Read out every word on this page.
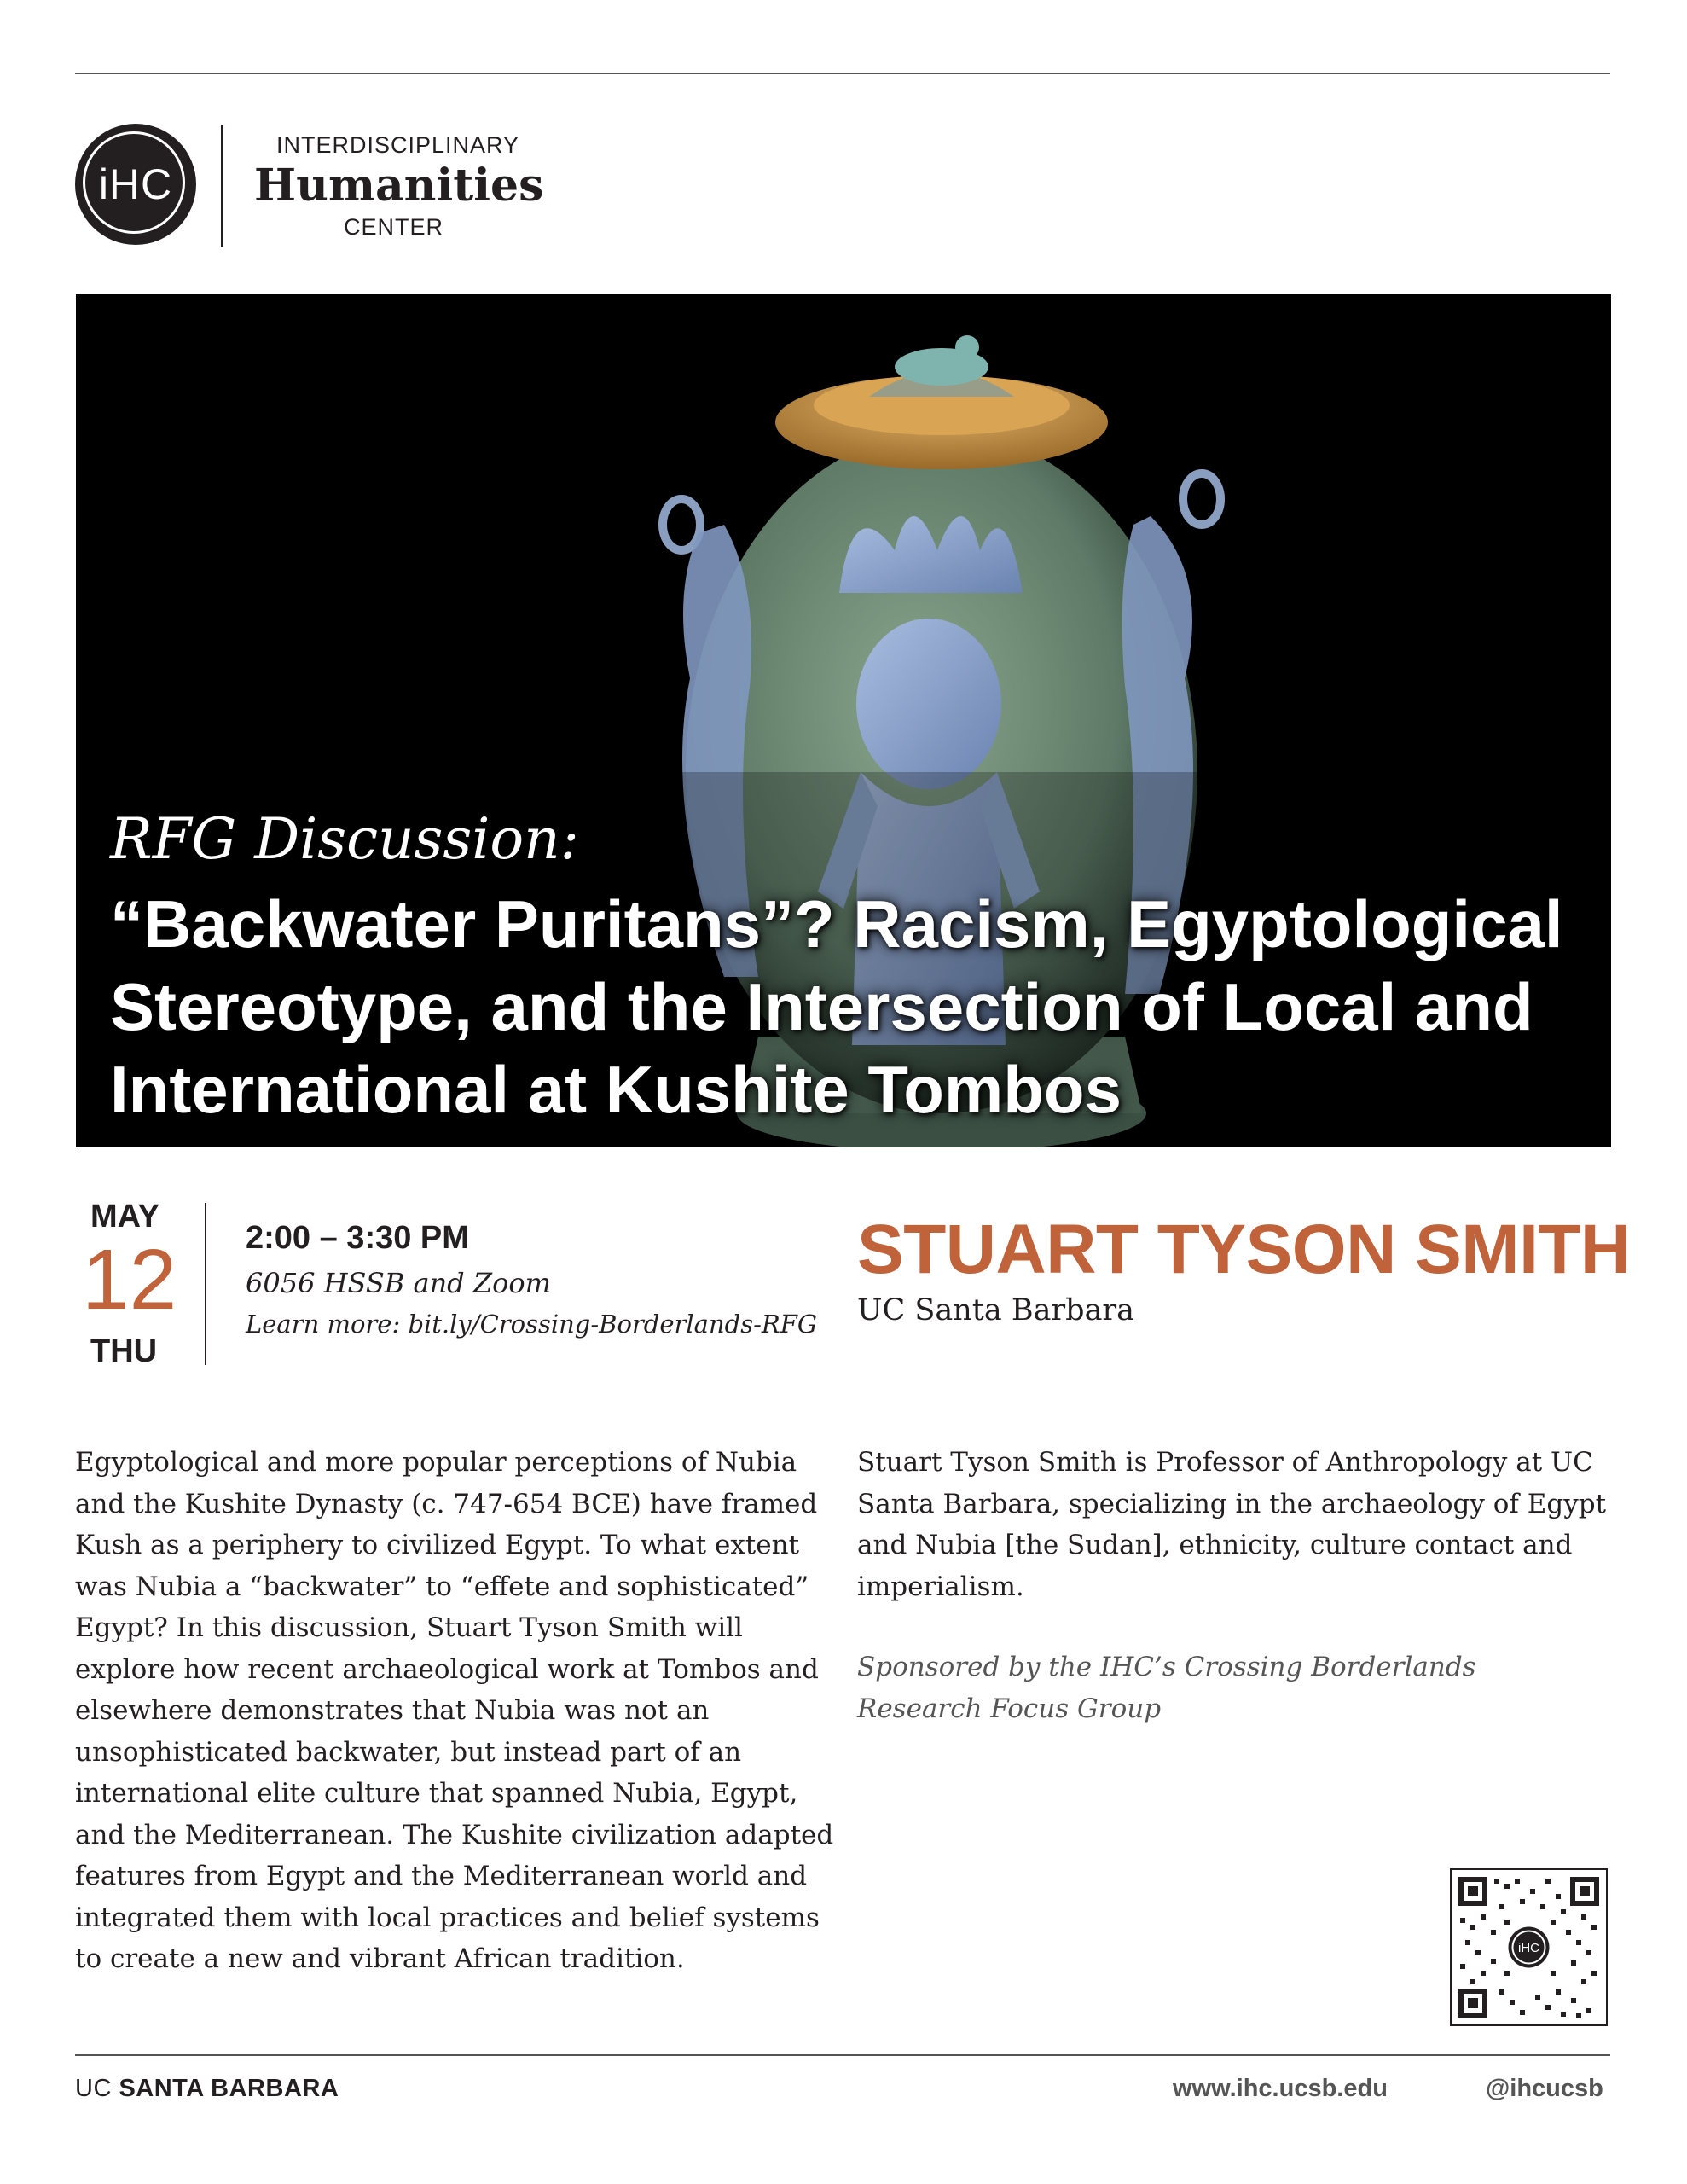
iHC
INTERDISCIPLINARY
Humanities
CENTER
RFG Discussion:
“Backwater Puritans”? Racism, Egyptological Stereotype, and the Intersection of Local and International at Kushite Tombos
MAY
12
THU
2:00 – 3:30 PM
6056 HSSB and Zoom
Learn more: bit.ly/Crossing-Borderlands-RFG
STUART TYSON SMITH
UC Santa Barbara

Egyptological and more popular perceptions of Nubia and the Kushite Dynasty (c. 747-654 BCE) have framed Kush as a periphery to civilized Egypt. To what extent was Nubia a “backwater” to “effete and sophisticated” Egypt? In this discussion, Stuart Tyson Smith will explore how recent archaeological work at Tombos and elsewhere demonstrates that Nubia was not an unsophisticated backwater, but instead part of an international elite culture that spanned Nubia, Egypt, and the Mediterranean. The Kushite civilization adapted features from Egypt and the Mediterranean world and integrated them with local practices and belief systems to create a new and vibrant African tradition.

Stuart Tyson Smith is Professor of Anthropology at UC Santa Barbara, specializing in the archaeology of Egypt and Nubia [the Sudan], ethnicity, culture contact and imperialism.

Sponsored by the IHC’s Crossing Borderlands Research Focus Group

iHC
UC SANTA BARBARA	www.ihc.ucsb.edu	@ihcucsb
